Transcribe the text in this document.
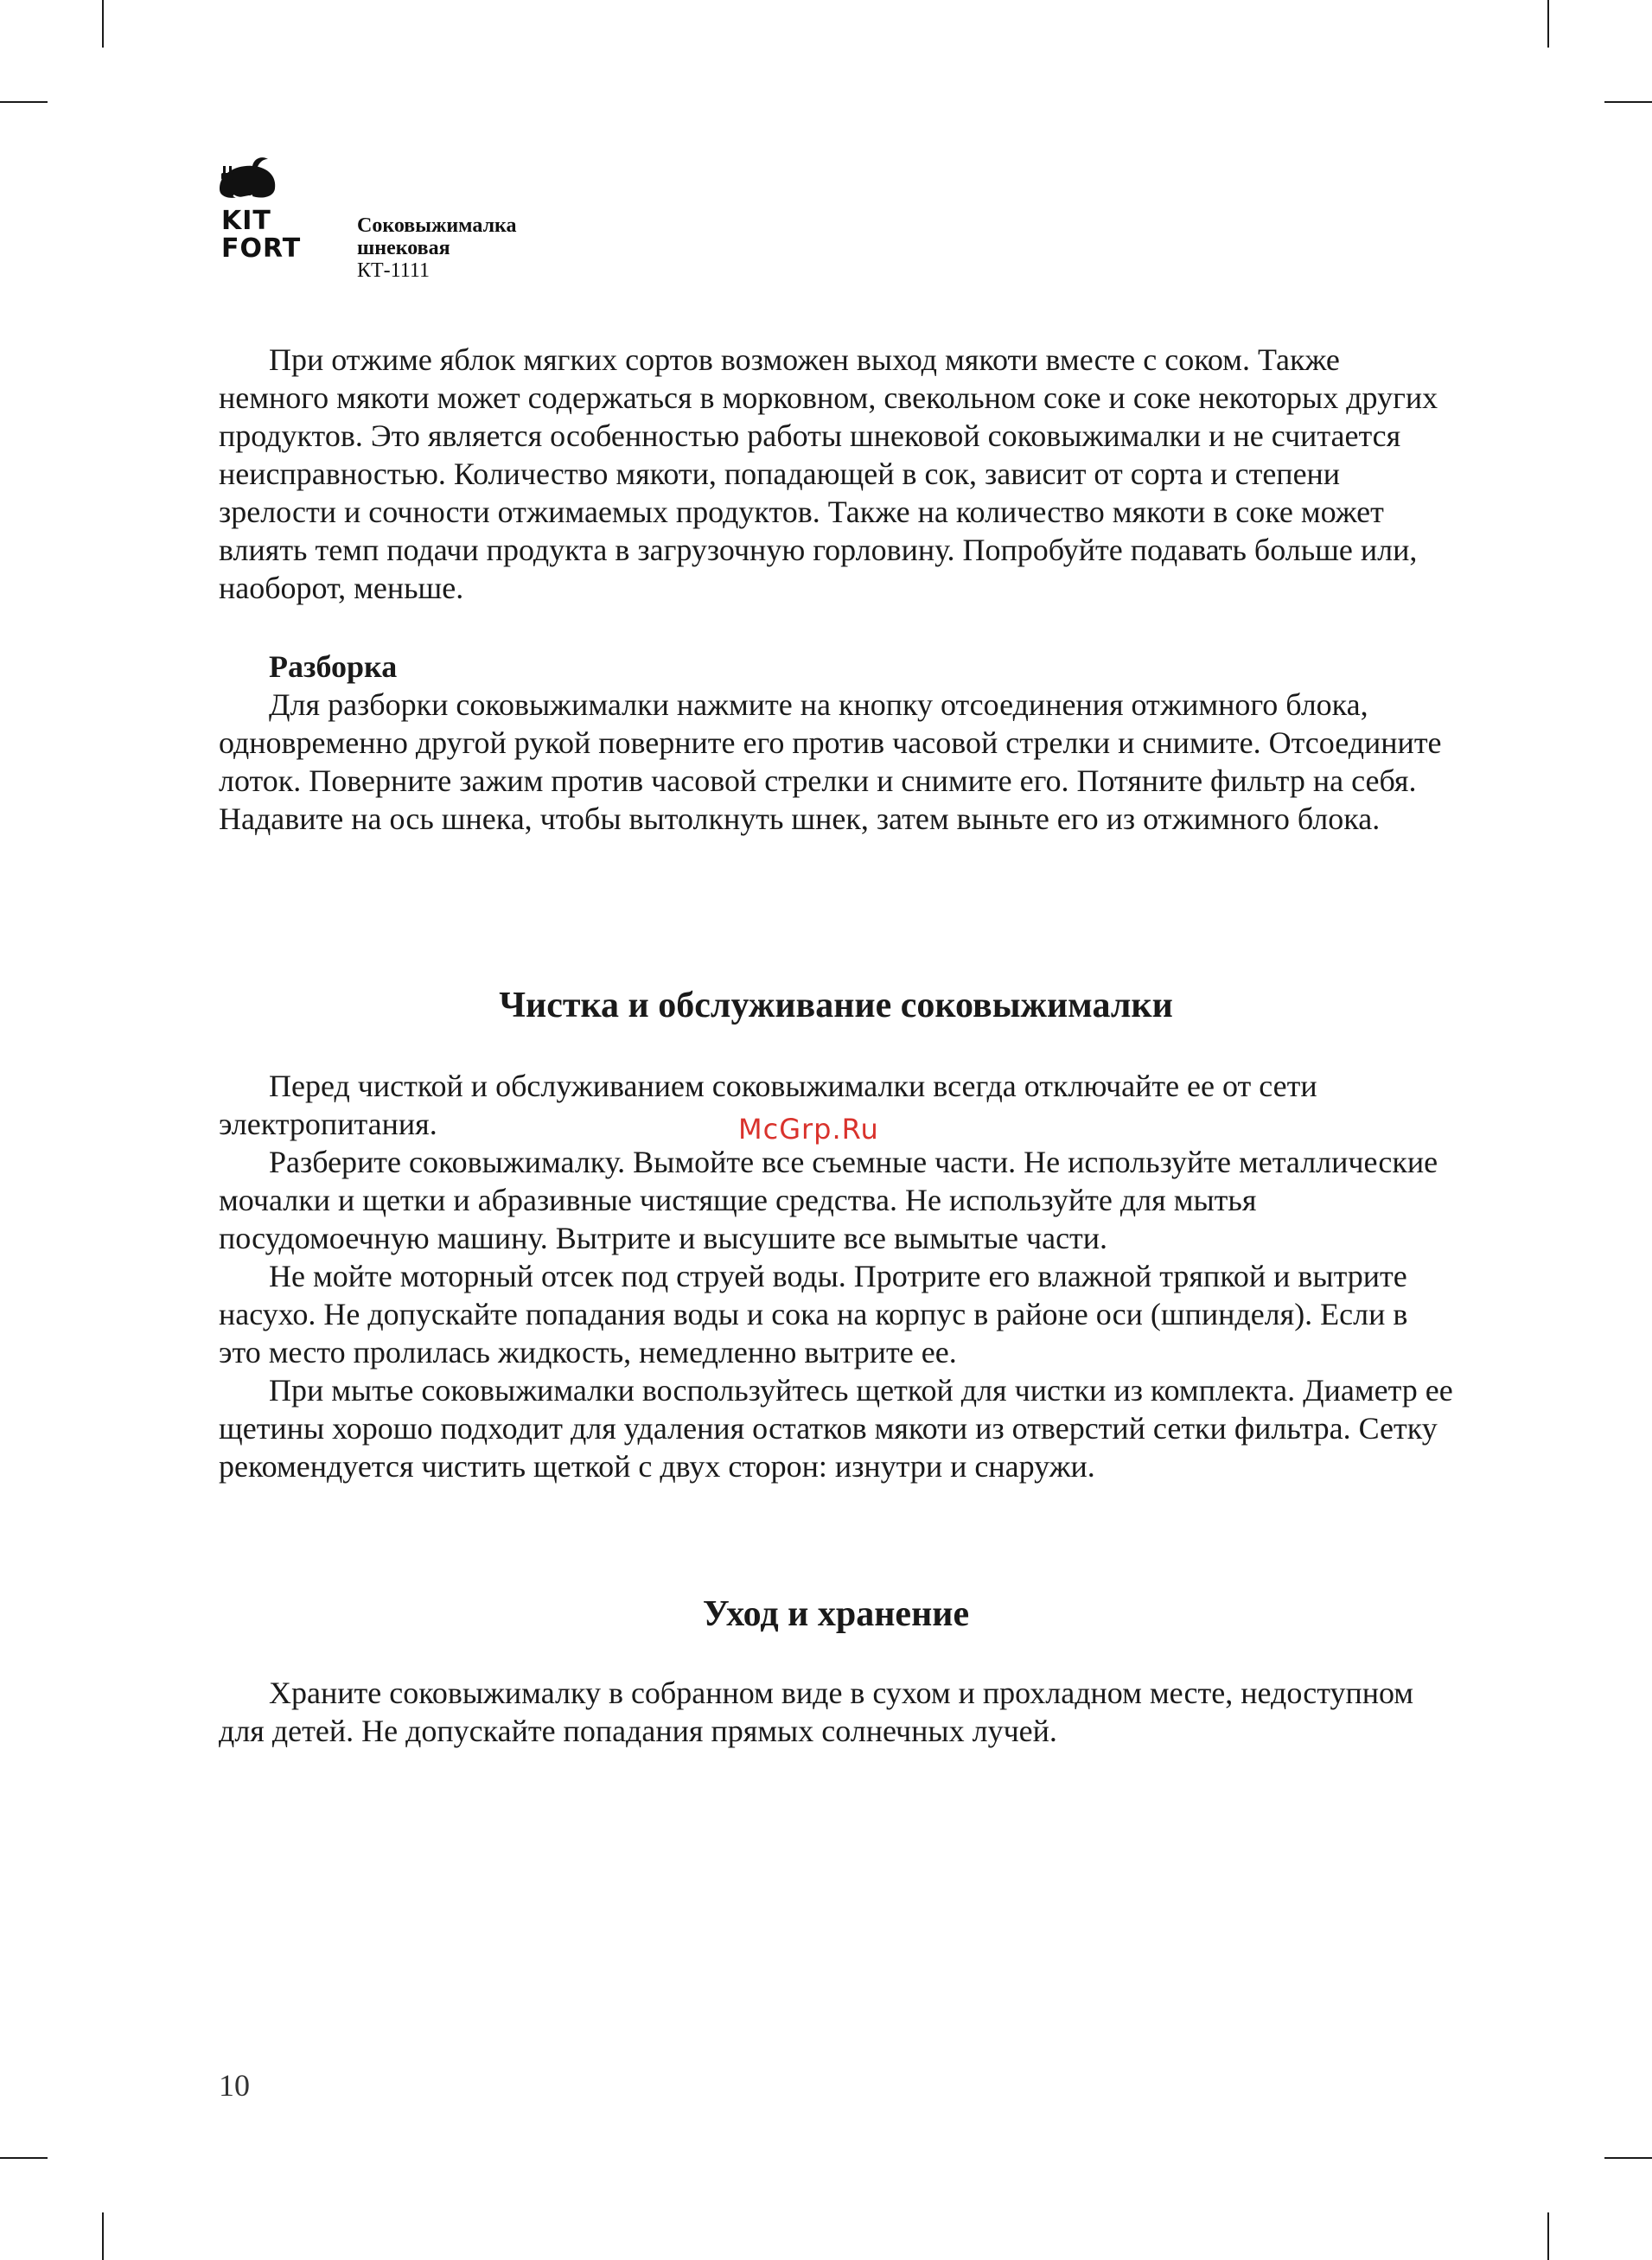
KIT
FORT
Соковыжималка
шнековая
КТ-1111

При отжиме яблок мягких сортов возможен выход мякоти вместе с соком. Также немного мякоти может содержаться в морковном, свекольном соке и соке некоторых других продуктов. Это является особенностью работы шнековой соковыжималки и не считается неисправностью. Количество мякоти, попадающей в сок, зависит от сорта и степени зрелости и сочности отжимаемых продуктов. Также на количество мякоти в соке может влиять темп подачи продукта в загрузочную горловину. Попробуйте подавать больше или, наоборот, меньше.

Разборка

Для разборки соковыжималки нажмите на кнопку отсоединения отжимного блока, одновременно другой рукой поверните его против часовой стрелки и снимите. Отсоедините лоток. Поверните зажим против часовой стрелки и снимите его. Потяните фильтр на себя. Надавите на ось шнека, чтобы вытолкнуть шнек, затем выньте его из отжимного блока.

Чистка и обслуживание соковыжималки

Перед чисткой и обслуживанием соковыжималки всегда отключайте ее от сети электропитания.

Разберите соковыжималку. Вымойте все съемные части. Не используйте металлические мочалки и щетки и абразивные чистящие средства. Не используйте для мытья посудомоечную машину. Вытрите и высушите все вымытые части.

Не мойте моторный отсек под струей воды. Протрите его влажной тряпкой и вытрите насухо. Не допускайте попадания воды и сока на корпус в районе оси (шпинделя). Если в это место пролилась жидкость, немедленно вытрите ее.

При мытье соковыжималки воспользуйтесь щеткой для чистки из комплекта. Диаметр ее щетины хорошо подходит для удаления остатков мякоти из отверстий сетки фильтра. Сетку рекомендуется чистить щеткой с двух сторон: изнутри и снаружи.

McGrp.Ru
Уход и хранение

Храните соковыжималку в собранном виде в сухом и прохладном месте, недоступном для детей. Не допускайте попадания прямых солнечных лучей.

10
